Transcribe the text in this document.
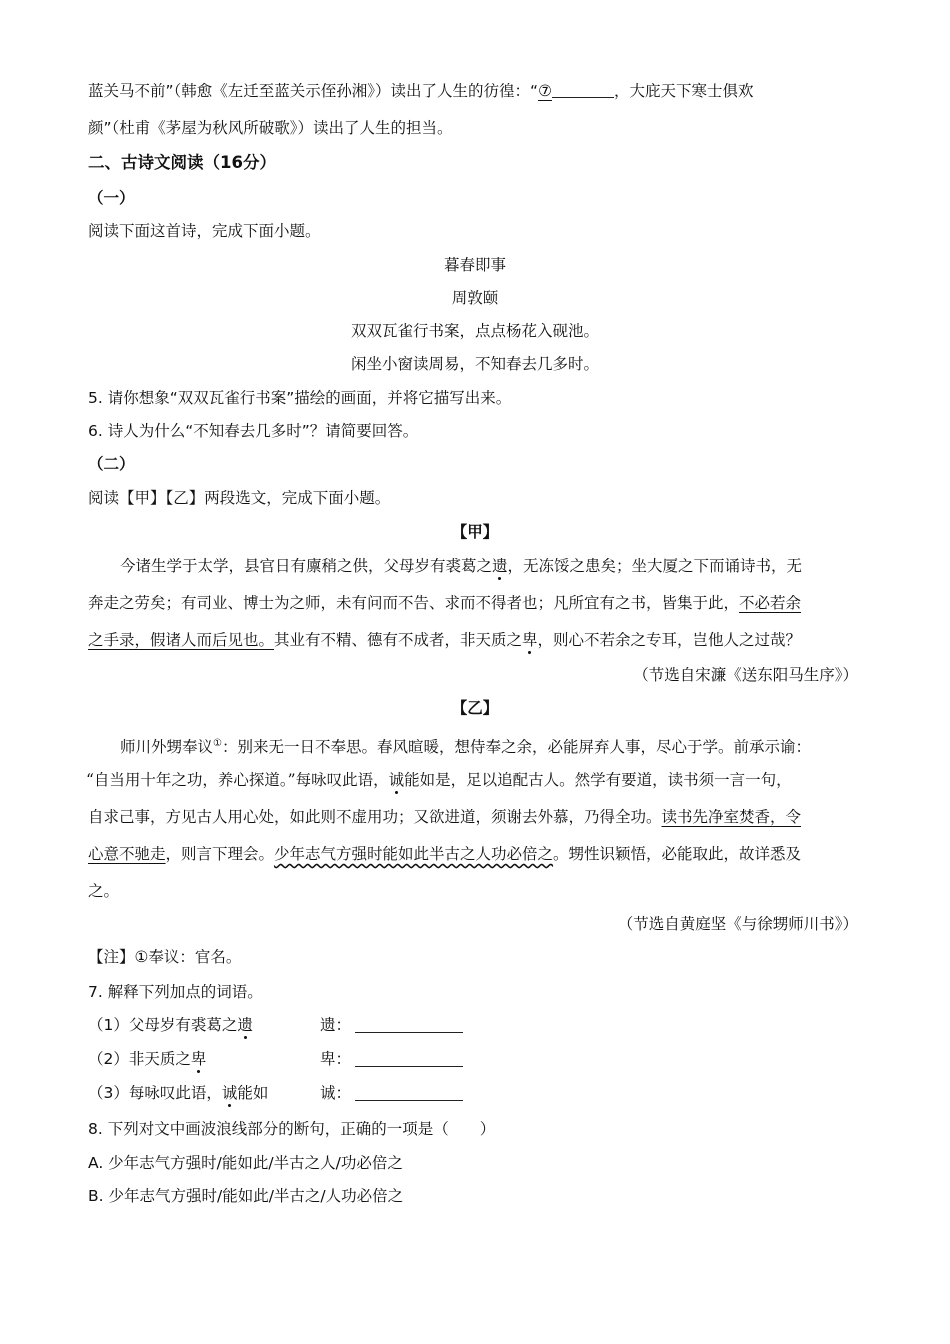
蓝关马不前”（韩愈《左迁至蓝关示侄孙湘》）读出了人生的彷徨：“⑦	，大庇天下寒士俱欢
颜”（杜甫《茅屋为秋风所破歌》）读出了人生的担当。
二、古诗文阅读（16分）
（一）
阅读下面这首诗，完成下面小题。
暮春即事
周敦颐
双双瓦雀行书案，点点杨花入砚池。
闲坐小窗读周易，不知春去几多时。
5. 请你想象“双双瓦雀行书案”描绘的画面，并将它描写出来。
6. 诗人为什么“不知春去几多时”？请简要回答。
（二）
阅读【甲】【乙】两段选文，完成下面小题。
【甲】
今诸生学于太学，县官日有廪稍之供，父母岁有裘葛之遗，无冻馁之患矣；坐大厦之下而诵诗书，无
奔走之劳矣；有司业、博士为之师，未有问而不告、求而不得者也；凡所宜有之书，皆集于此，不必若余
之手录，假诸人而后见也。其业有不精、德有不成者，非天质之卑，则心不若余之专耳，岂他人之过哉？
（节选自宋濂《送东阳马生序》）
【乙】
师川外甥奉议①：别来无一日不奉思。春风暄暖，想侍奉之余，必能屏弃人事，尽心于学。前承示谕：
“自当用十年之功，养心探道。”每咏叹此语，诚能如是，足以追配古人。然学有要道，读书须一言一句，
自求己事，方见古人用心处，如此则不虚用功；又欲进道，须谢去外慕，乃得全功。读书先净室焚香，令
心意不驰走，则言下理会。少年志气方强时能如此半古之人功必倍之。甥性识颖悟，必能取此，故详悉及
之。
（节选自黄庭坚《与徐甥师川书》）
【注】①奉议：官名。
7. 解释下列加点的词语。
（1）父母岁有裘葛之遗	遗：
（2）非天质之卑	卑：
（3）每咏叹此语，诚能如	诚：
8. 下列对文中画波浪线部分的断句，正确的一项是（　　）
A. 少年志气方强时/能如此/半古之人/功必倍之
B. 少年志气方强时/能如此/半古之/人功必倍之
